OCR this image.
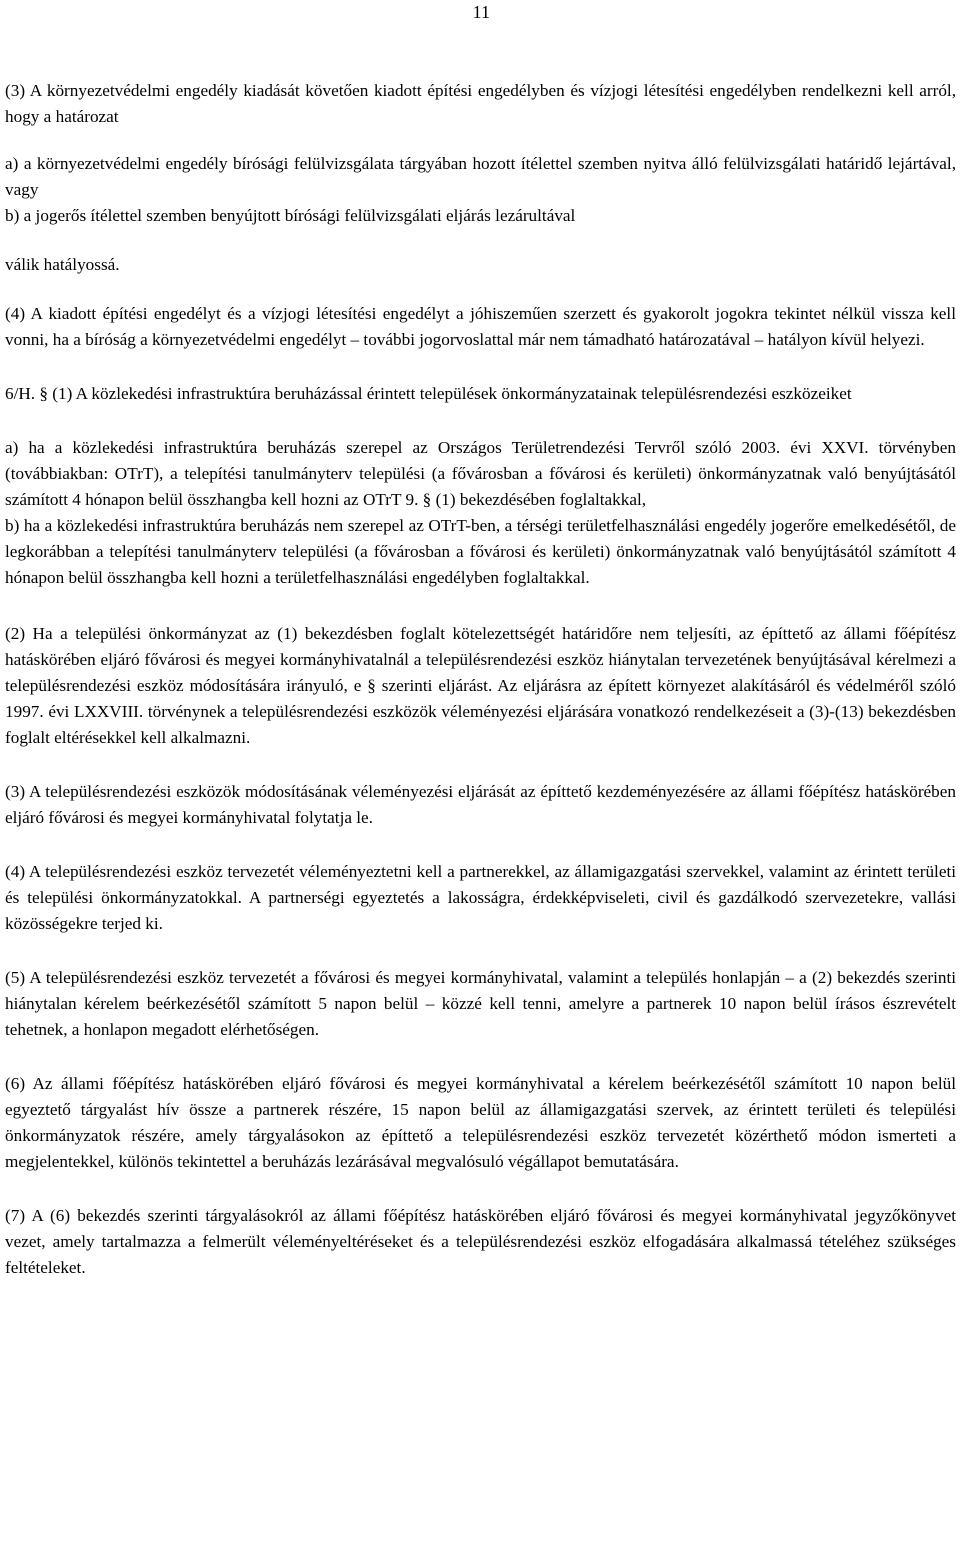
11

(3) A környezetvédelmi engedély kiadását követően kiadott építési engedélyben és vízjogi létesítési engedélyben rendelkezni kell arról, hogy a határozat

a) a környezetvédelmi engedély bírósági felülvizsgálata tárgyában hozott ítélettel szemben nyitva álló felülvizsgálati határidő lejártával, vagy

b) a jogerős ítélettel szemben benyújtott bírósági felülvizsgálati eljárás lezárultával

válik hatályossá.

(4) A kiadott építési engedélyt és a vízjogi létesítési engedélyt a jóhiszeműen szerzett és gyakorolt jogokra tekintet nélkül vissza kell vonni, ha a bíróság a környezetvédelmi engedélyt – további jogorvoslattal már nem támadható határozatával – hatályon kívül helyezi.

6/H. § (1) A közlekedési infrastruktúra beruházással érintett települések önkormányzatainak településrendezési eszközeiket

a) ha a közlekedési infrastruktúra beruházás szerepel az Országos Területrendezési Tervről szóló 2003. évi XXVI. törvényben (továbbiakban: OTrT), a telepítési tanulmányterv települési (a fővárosban a fővárosi és kerületi) önkormányzatnak való benyújtásától számított 4 hónapon belül összhangba kell hozni az OTrT 9. § (1) bekezdésében foglaltakkal,

b) ha a közlekedési infrastruktúra beruházás nem szerepel az OTrT-ben, a térségi területfelhasználási engedély jogerőre emelkedésétől, de legkorábban a telepítési tanulmányterv települési (a fővárosban a fővárosi és kerületi) önkormányzatnak való benyújtásától számított 4 hónapon belül összhangba kell hozni a területfelhasználási engedélyben foglaltakkal.

(2) Ha a települési önkormányzat az (1) bekezdésben foglalt kötelezettségét határidőre nem teljesíti, az építtető az állami főépítész hatáskörében eljáró fővárosi és megyei kormányhivatalnál a településrendezési eszköz hiánytalan tervezetének benyújtásával kérelmezi a településrendezési eszköz módosítására irányuló, e § szerinti eljárást. Az eljárásra az épített környezet alakításáról és védelméről szóló 1997. évi LXXVIII. törvénynek a településrendezési eszközök véleményezési eljárására vonatkozó rendelkezéseit a (3)-(13) bekezdésben foglalt eltérésekkel kell alkalmazni.

(3) A településrendezési eszközök módosításának véleményezési eljárását az építtető kezdeményezésére az állami főépítész hatáskörében eljáró fővárosi és megyei kormányhivatal folytatja le.

(4) A településrendezési eszköz tervezetét véleményeztetni kell a partnerekkel, az államigazgatási szervekkel, valamint az érintett területi és települési önkormányzatokkal. A partnerségi egyeztetés a lakosságra, érdekképviseleti, civil és gazdálkodó szervezetekre, vallási közösségekre terjed ki.

(5) A településrendezési eszköz tervezetét a fővárosi és megyei kormányhivatal, valamint a település honlapján – a (2) bekezdés szerinti hiánytalan kérelem beérkezésétől számított 5 napon belül – közzé kell tenni, amelyre a partnerek 10 napon belül írásos észrevételt tehetnek, a honlapon megadott elérhetőségen.

(6) Az állami főépítész hatáskörében eljáró fővárosi és megyei kormányhivatal a kérelem beérkezésétől számított 10 napon belül egyeztető tárgyalást hív össze a partnerek részére, 15 napon belül az államigazgatási szervek, az érintett területi és települési önkormányzatok részére, amely tárgyalásokon az építtető a településrendezési eszköz tervezetét közérthető módon ismerteti a megjelentekkel, különös tekintettel a beruházás lezárásával megvalósuló végállapot bemutatására.

(7) A (6) bekezdés szerinti tárgyalásokról az állami főépítész hatáskörében eljáró fővárosi és megyei kormányhivatal jegyzőkönyvet vezet, amely tartalmazza a felmerült véleményeltéréseket és a településrendezési eszköz elfogadására alkalmassá tételéhez szükséges feltételeket.
